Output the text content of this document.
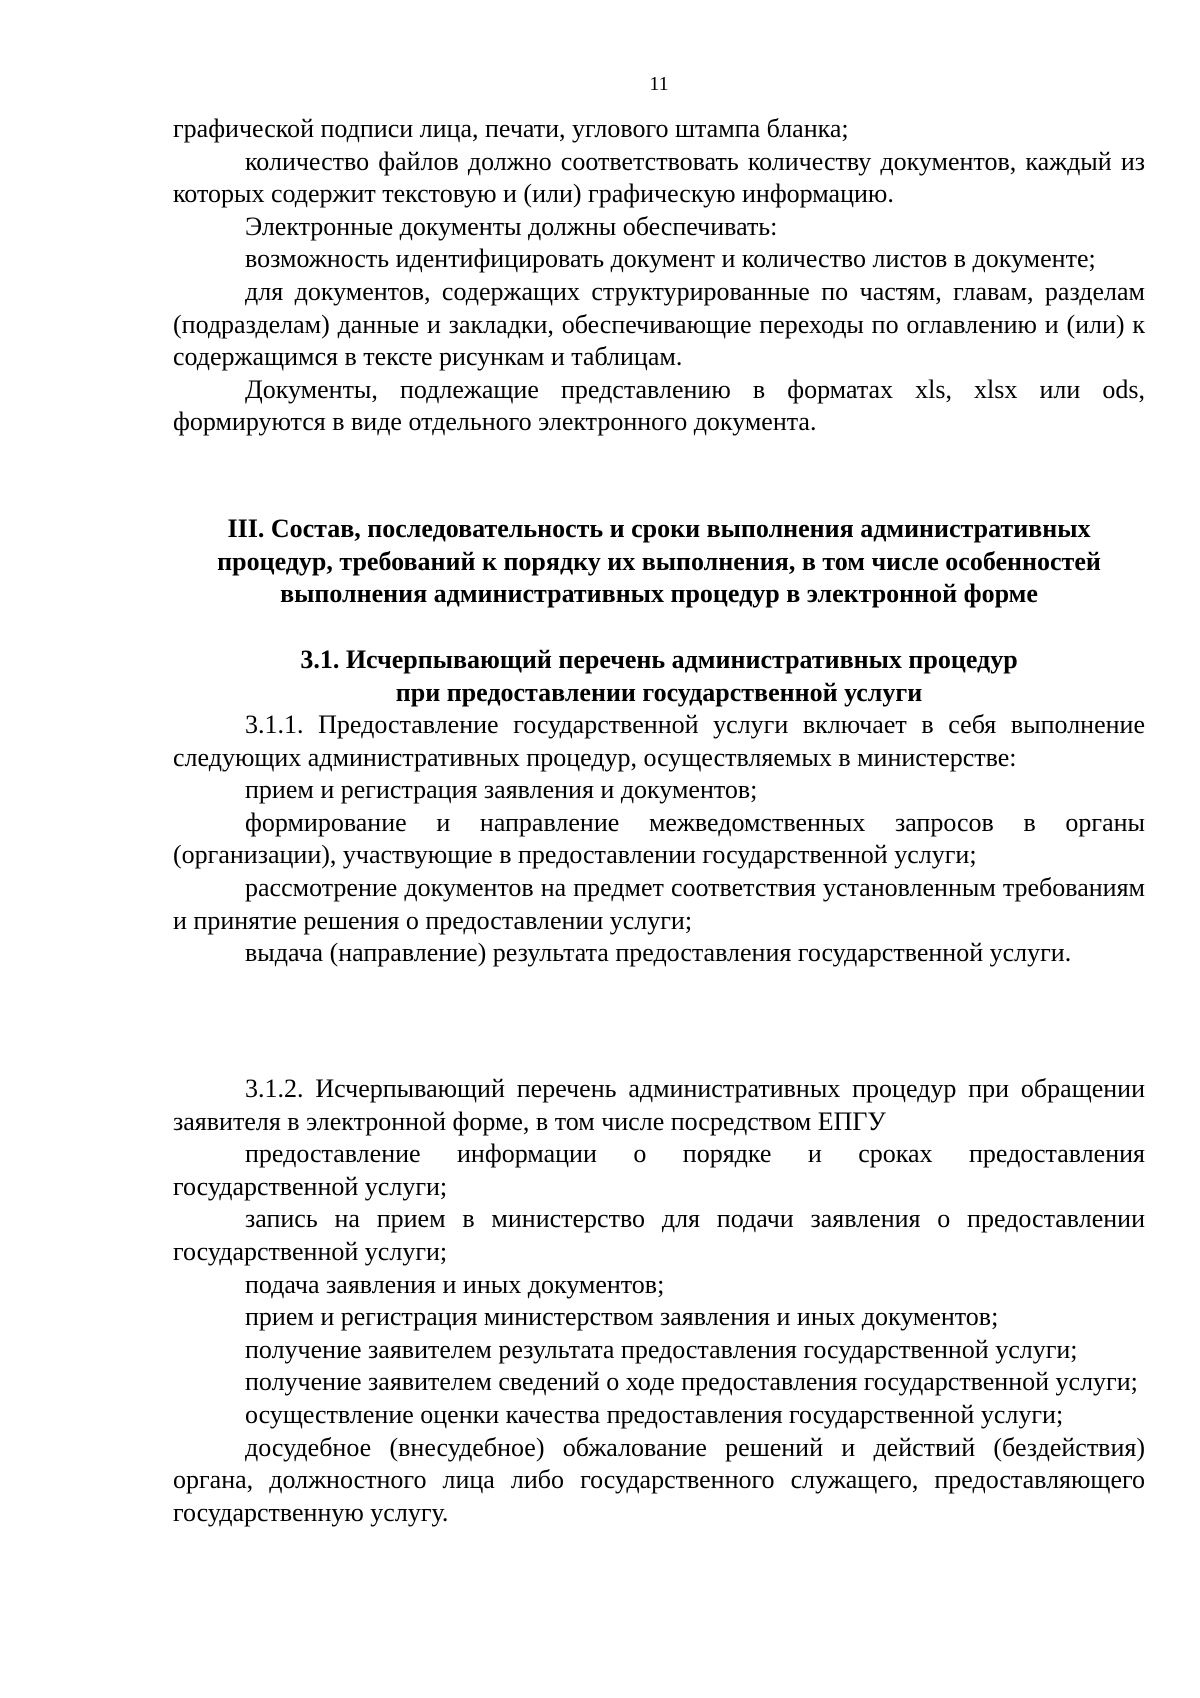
11

графической подписи лица, печати, углового штампа бланка;

количество файлов должно соответствовать количеству документов, каждый из которых содержит текстовую и (или) графическую информацию.

Электронные документы должны обеспечивать:

возможность идентифицировать документ и количество листов в документе;

для документов, содержащих структурированные по частям, главам, разделам (подразделам) данные и закладки, обеспечивающие переходы по оглавлению и (или) к содержащимся в тексте рисункам и таблицам.

Документы, подлежащие представлению в форматах xls, xlsx или ods, формируются в виде отдельного электронного документа.

III. Состав, последовательность и сроки выполнения административных
процедур, требований к порядку их выполнения, в том числе особенностей
выполнения административных процедур в электронной форме
3.1. Исчерпывающий перечень административных процедур
при предоставлении государственной услуги

3.1.1. Предоставление государственной услуги включает в себя выполнение следующих административных процедур, осуществляемых в министерстве:

прием и регистрация заявления и документов;

формирование и направление межведомственных запросов в органы (организации), участвующие в предоставлении государственной услуги;

рассмотрение документов на предмет соответствия установленным требованиям и принятие решения о предоставлении услуги;

выдача (направление) результата предоставления государственной услуги.

3.1.2. Исчерпывающий перечень административных процедур при обращении заявителя в электронной форме, в том числе посредством ЕПГУ

предоставление информации о порядке и сроках предоставления государственной услуги;

запись на прием в министерство для подачи заявления о предоставлении государственной услуги;

подача заявления и иных документов;

прием и регистрация министерством заявления и иных документов;

получение заявителем результата предоставления государственной услуги;

получение заявителем сведений о ходе предоставления государственной услуги;

осуществление оценки качества предоставления государственной услуги;

досудебное (внесудебное) обжалование решений и действий (бездействия) органа, должностного лица либо государственного служащего, предоставляющего государственную услугу.
